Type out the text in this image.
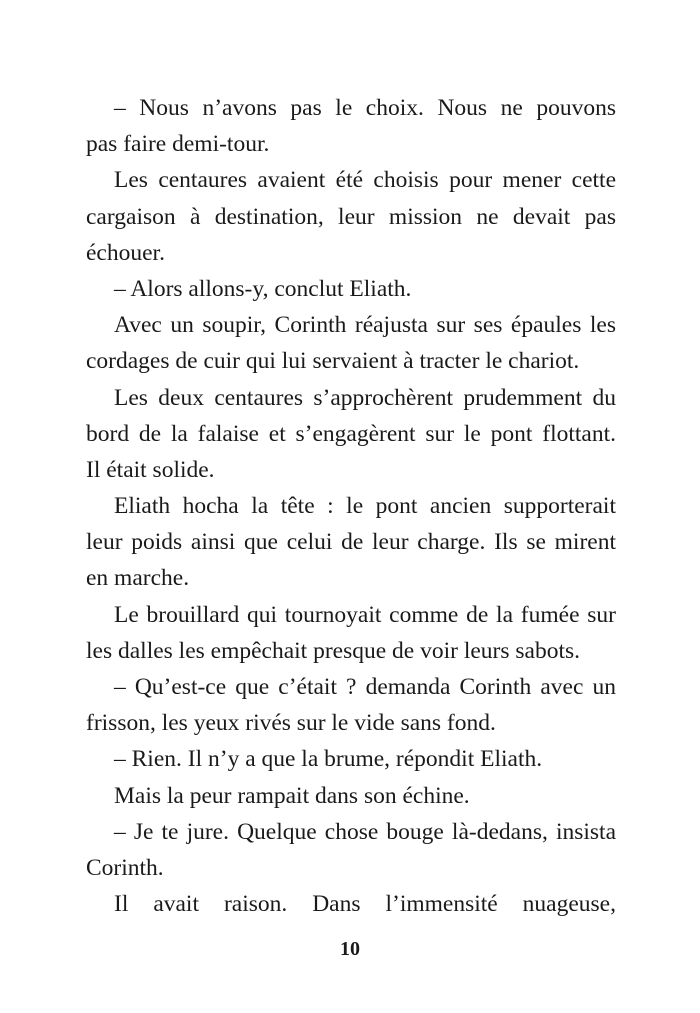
– Nous n’avons pas le choix. Nous ne pouvons
pas faire demi-tour.
Les centaures avaient été choisis pour mener cette
cargaison à destination, leur mission ne devait pas
échouer.
– Alors allons-y, conclut Eliath.
Avec un soupir, Corinth réajusta sur ses épaules les
cordages de cuir qui lui servaient à tracter le chariot.
Les deux centaures s’approchèrent prudemment du
bord de la falaise et s’engagèrent sur le pont flottant.
Il était solide.
Eliath hocha la tête : le pont ancien supporterait
leur poids ainsi que celui de leur charge. Ils se mirent
en marche.
Le brouillard qui tournoyait comme de la fumée sur
les dalles les empêchait presque de voir leurs sabots.
– Qu’est-ce que c’était ? demanda Corinth avec un
frisson, les yeux rivés sur le vide sans fond.
– Rien. Il n’y a que la brume, répondit Eliath.
Mais la peur rampait dans son échine.
– Je te jure. Quelque chose bouge là-dedans, insista
Corinth.
Il avait raison. Dans l’immensité nuageuse,
10
